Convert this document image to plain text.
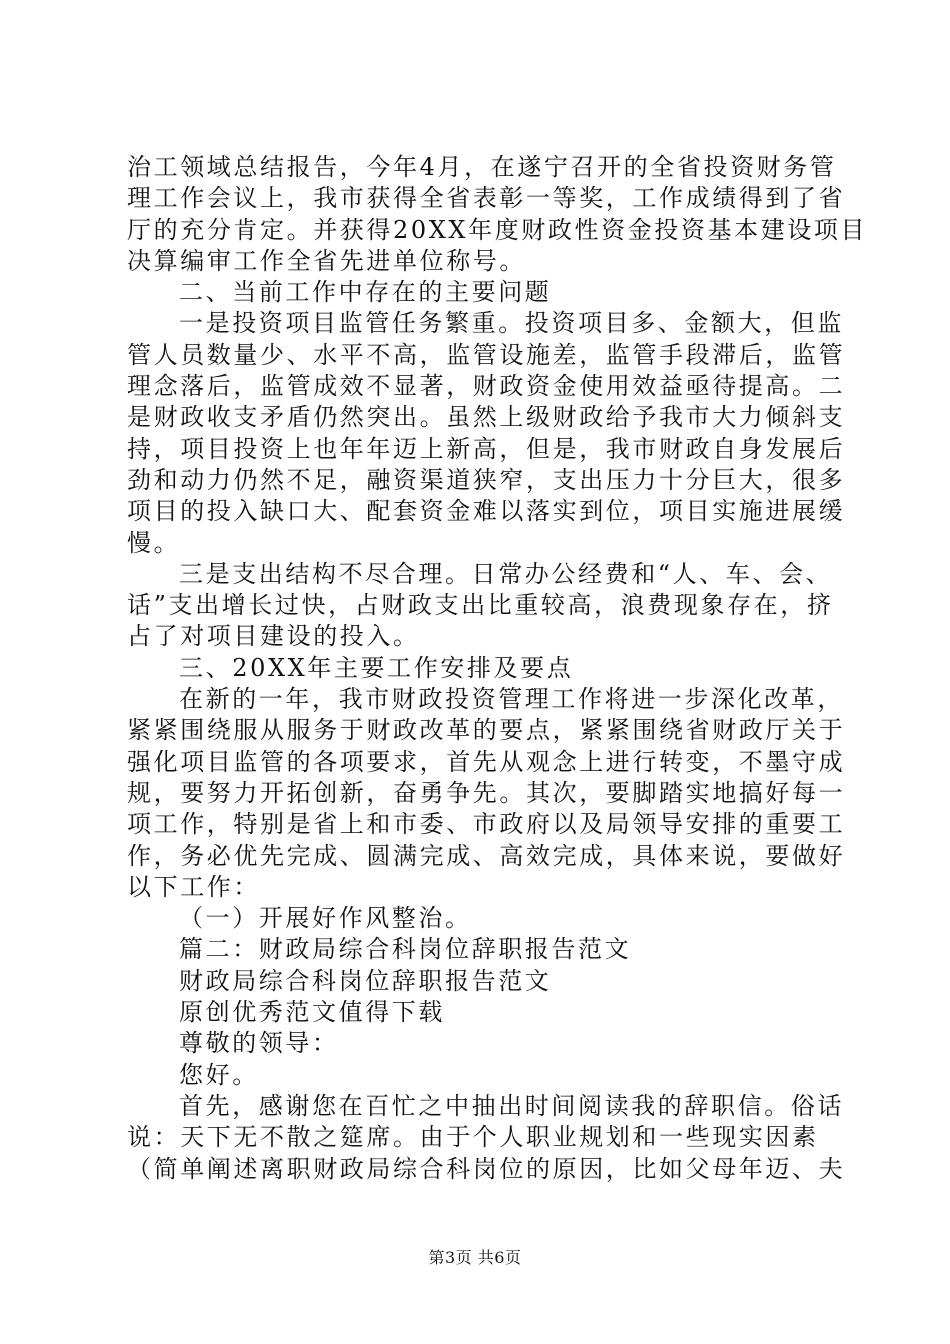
治工领域总结报告，今年4月，在遂宁召开的全省投资财务管
理工作会议上，我市获得全省表彰一等奖，工作成绩得到了省
厅的充分肯定。并获得20XX年度财政性资金投资基本建设项目
决算编审工作全省先进单位称号。
二、当前工作中存在的主要问题
一是投资项目监管任务繁重。投资项目多、金额大，但监
管人员数量少、水平不高，监管设施差，监管手段滞后，监管
理念落后，监管成效不显著，财政资金使用效益亟待提高。二
是财政收支矛盾仍然突出。虽然上级财政给予我市大力倾斜支
持，项目投资上也年年迈上新高，但是，我市财政自身发展后
劲和动力仍然不足，融资渠道狭窄，支出压力十分巨大，很多
项目的投入缺口大、配套资金难以落实到位，项目实施进展缓
慢。
三是支出结构不尽合理。日常办公经费和“人、车、会、
话”支出增长过快，占财政支出比重较高，浪费现象存在，挤
占了对项目建设的投入。
三、20XX年主要工作安排及要点
在新的一年，我市财政投资管理工作将进一步深化改革，
紧紧围绕服从服务于财政改革的要点，紧紧围绕省财政厅关于
强化项目监管的各项要求，首先从观念上进行转变，不墨守成
规，要努力开拓创新，奋勇争先。其次，要脚踏实地搞好每一
项工作，特别是省上和市委、市政府以及局领导安排的重要工
作，务必优先完成、圆满完成、高效完成，具体来说，要做好
以下工作：
（一）开展好作风整治。
篇二：财政局综合科岗位辞职报告范文
财政局综合科岗位辞职报告范文
原创优秀范文值得下载
尊敬的领导：
您好。
首先，感谢您在百忙之中抽出时间阅读我的辞职信。俗话
说：天下无不散之筵席。由于个人职业规划和一些现实因素
（简单阐述离职财政局综合科岗位的原因，比如父母年迈、夫
第3页 共6页
